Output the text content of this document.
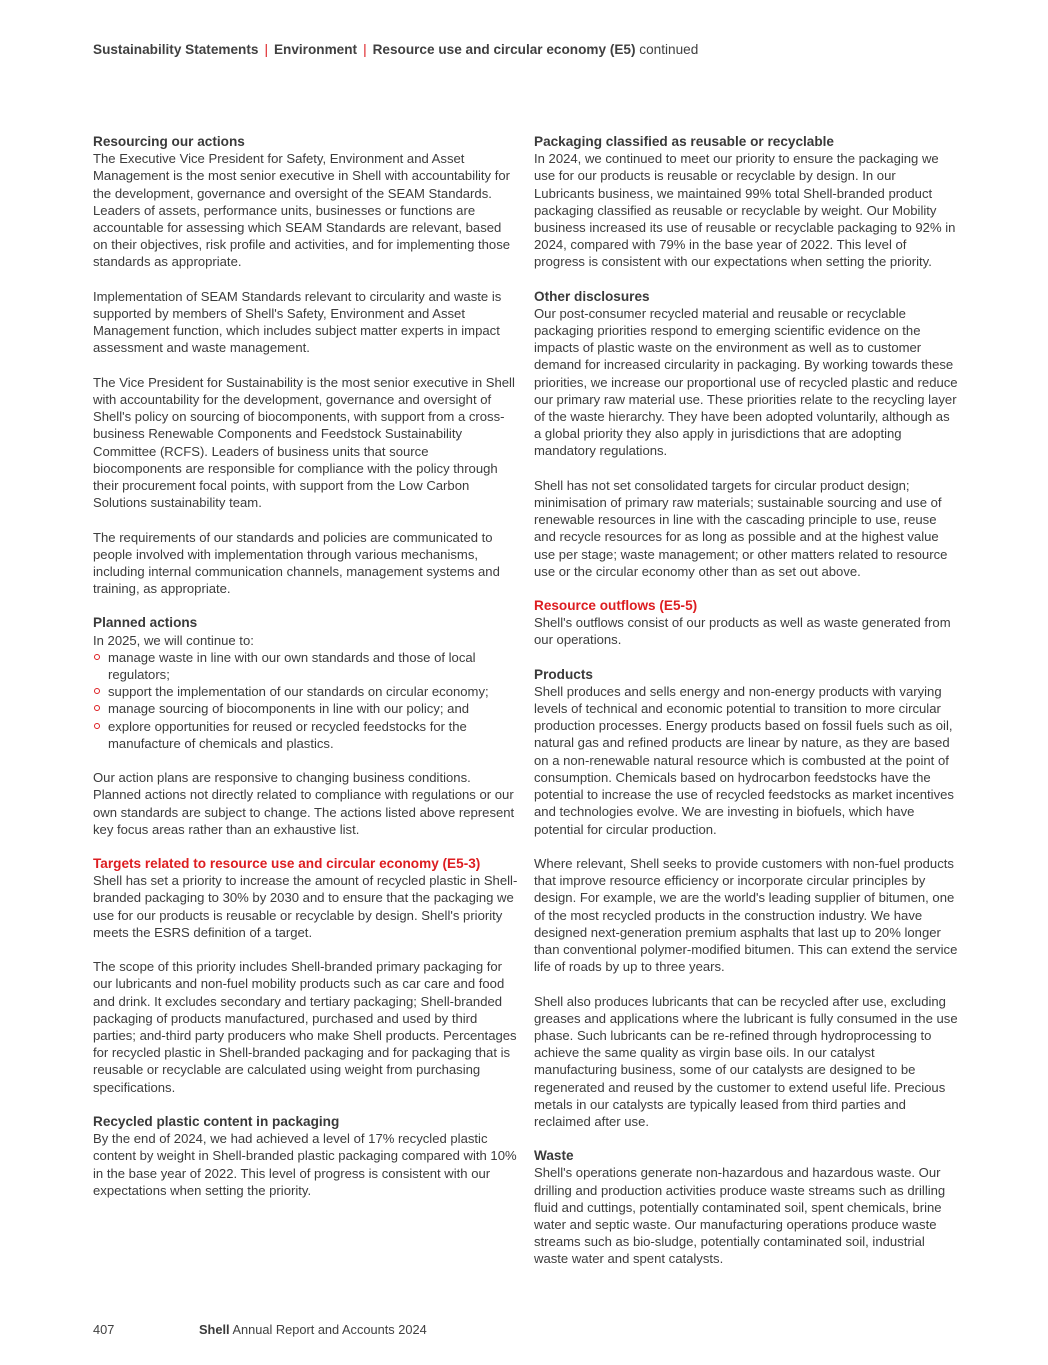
Sustainability Statements | Environment | Resource use and circular economy (E5) continued
Resourcing our actions

The Executive Vice President for Safety, Environment and Asset Management is the most senior executive in Shell with accountability for the development, governance and oversight of the SEAM Standards. Leaders of assets, performance units, businesses or functions are accountable for assessing which SEAM Standards are relevant, based on their objectives, risk profile and activities, and for implementing those standards as appropriate.

Implementation of SEAM Standards relevant to circularity and waste is supported by members of Shell's Safety, Environment and Asset Management function, which includes subject matter experts in impact assessment and waste management.

The Vice President for Sustainability is the most senior executive in Shell with accountability for the development, governance and oversight of Shell's policy on sourcing of biocomponents, with support from a cross-business Renewable Components and Feedstock Sustainability Committee (RCFS). Leaders of business units that source biocomponents are responsible for compliance with the policy through their procurement focal points, with support from the Low Carbon Solutions sustainability team.

The requirements of our standards and policies are communicated to people involved with implementation through various mechanisms, including internal communication channels, management systems and training, as appropriate.

Planned actions

In 2025, we will continue to:

manage waste in line with our own standards and those of local regulators;
support the implementation of our standards on circular economy;
manage sourcing of biocomponents in line with our policy; and
explore opportunities for reused or recycled feedstocks for the manufacture of chemicals and plastics.

Our action plans are responsive to changing business conditions. Planned actions not directly related to compliance with regulations or our own standards are subject to change. The actions listed above represent key focus areas rather than an exhaustive list.

Targets related to resource use and circular economy (E5-3)

Shell has set a priority to increase the amount of recycled plastic in Shell-branded packaging to 30% by 2030 and to ensure that the packaging we use for our products is reusable or recyclable by design. Shell's priority meets the ESRS definition of a target.

The scope of this priority includes Shell-branded primary packaging for our lubricants and non-fuel mobility products such as car care and food and drink. It excludes secondary and tertiary packaging; Shell-branded packaging of products manufactured, purchased and used by third parties; and-third party producers who make Shell products. Percentages for recycled plastic in Shell-branded packaging and for packaging that is reusable or recyclable are calculated using weight from purchasing specifications.

Recycled plastic content in packaging

By the end of 2024, we had achieved a level of 17% recycled plastic content by weight in Shell-branded plastic packaging compared with 10% in the base year of 2022. This level of progress is consistent with our expectations when setting the priority.

Packaging classified as reusable or recyclable

In 2024, we continued to meet our priority to ensure the packaging we use for our products is reusable or recyclable by design. In our Lubricants business, we maintained 99% total Shell-branded product packaging classified as reusable or recyclable by weight. Our Mobility business increased its use of reusable or recyclable packaging to 92% in 2024, compared with 79% in the base year of 2022. This level of progress is consistent with our expectations when setting the priority.

Other disclosures

Our post-consumer recycled material and reusable or recyclable packaging priorities respond to emerging scientific evidence on the impacts of plastic waste on the environment as well as to customer demand for increased circularity in packaging. By working towards these priorities, we increase our proportional use of recycled plastic and reduce our primary raw material use. These priorities relate to the recycling layer of the waste hierarchy. They have been adopted voluntarily, although as a global priority they also apply in jurisdictions that are adopting mandatory regulations.

Shell has not set consolidated targets for circular product design; minimisation of primary raw materials; sustainable sourcing and use of renewable resources in line with the cascading principle to use, reuse and recycle resources for as long as possible and at the highest value use per stage; waste management; or other matters related to resource use or the circular economy other than as set out above.

Resource outflows (E5-5)

Shell's outflows consist of our products as well as waste generated from our operations.

Products

Shell produces and sells energy and non-energy products with varying levels of technical and economic potential to transition to more circular production processes. Energy products based on fossil fuels such as oil, natural gas and refined products are linear by nature, as they are based on a non-renewable natural resource which is combusted at the point of consumption. Chemicals based on hydrocarbon feedstocks have the potential to increase the use of recycled feedstocks as market incentives and technologies evolve. We are investing in biofuels, which have potential for circular production.

Where relevant, Shell seeks to provide customers with non-fuel products that improve resource efficiency or incorporate circular principles by design. For example, we are the world's leading supplier of bitumen, one of the most recycled products in the construction industry. We have designed next-generation premium asphalts that last up to 20% longer than conventional polymer-modified bitumen. This can extend the service life of roads by up to three years.

Shell also produces lubricants that can be recycled after use, excluding greases and applications where the lubricant is fully consumed in the use phase. Such lubricants can be re-refined through hydroprocessing to achieve the same quality as virgin base oils. In our catalyst manufacturing business, some of our catalysts are designed to be regenerated and reused by the customer to extend useful life. Precious metals in our catalysts are typically leased from third parties and reclaimed after use.

Waste

Shell's operations generate non-hazardous and hazardous waste. Our drilling and production activities produce waste streams such as drilling fluid and cuttings, potentially contaminated soil, spent chemicals, brine water and septic waste. Our manufacturing operations produce waste streams such as bio-sludge, potentially contaminated soil, industrial waste water and spent catalysts.

407	Shell Annual Report and Accounts 2024
